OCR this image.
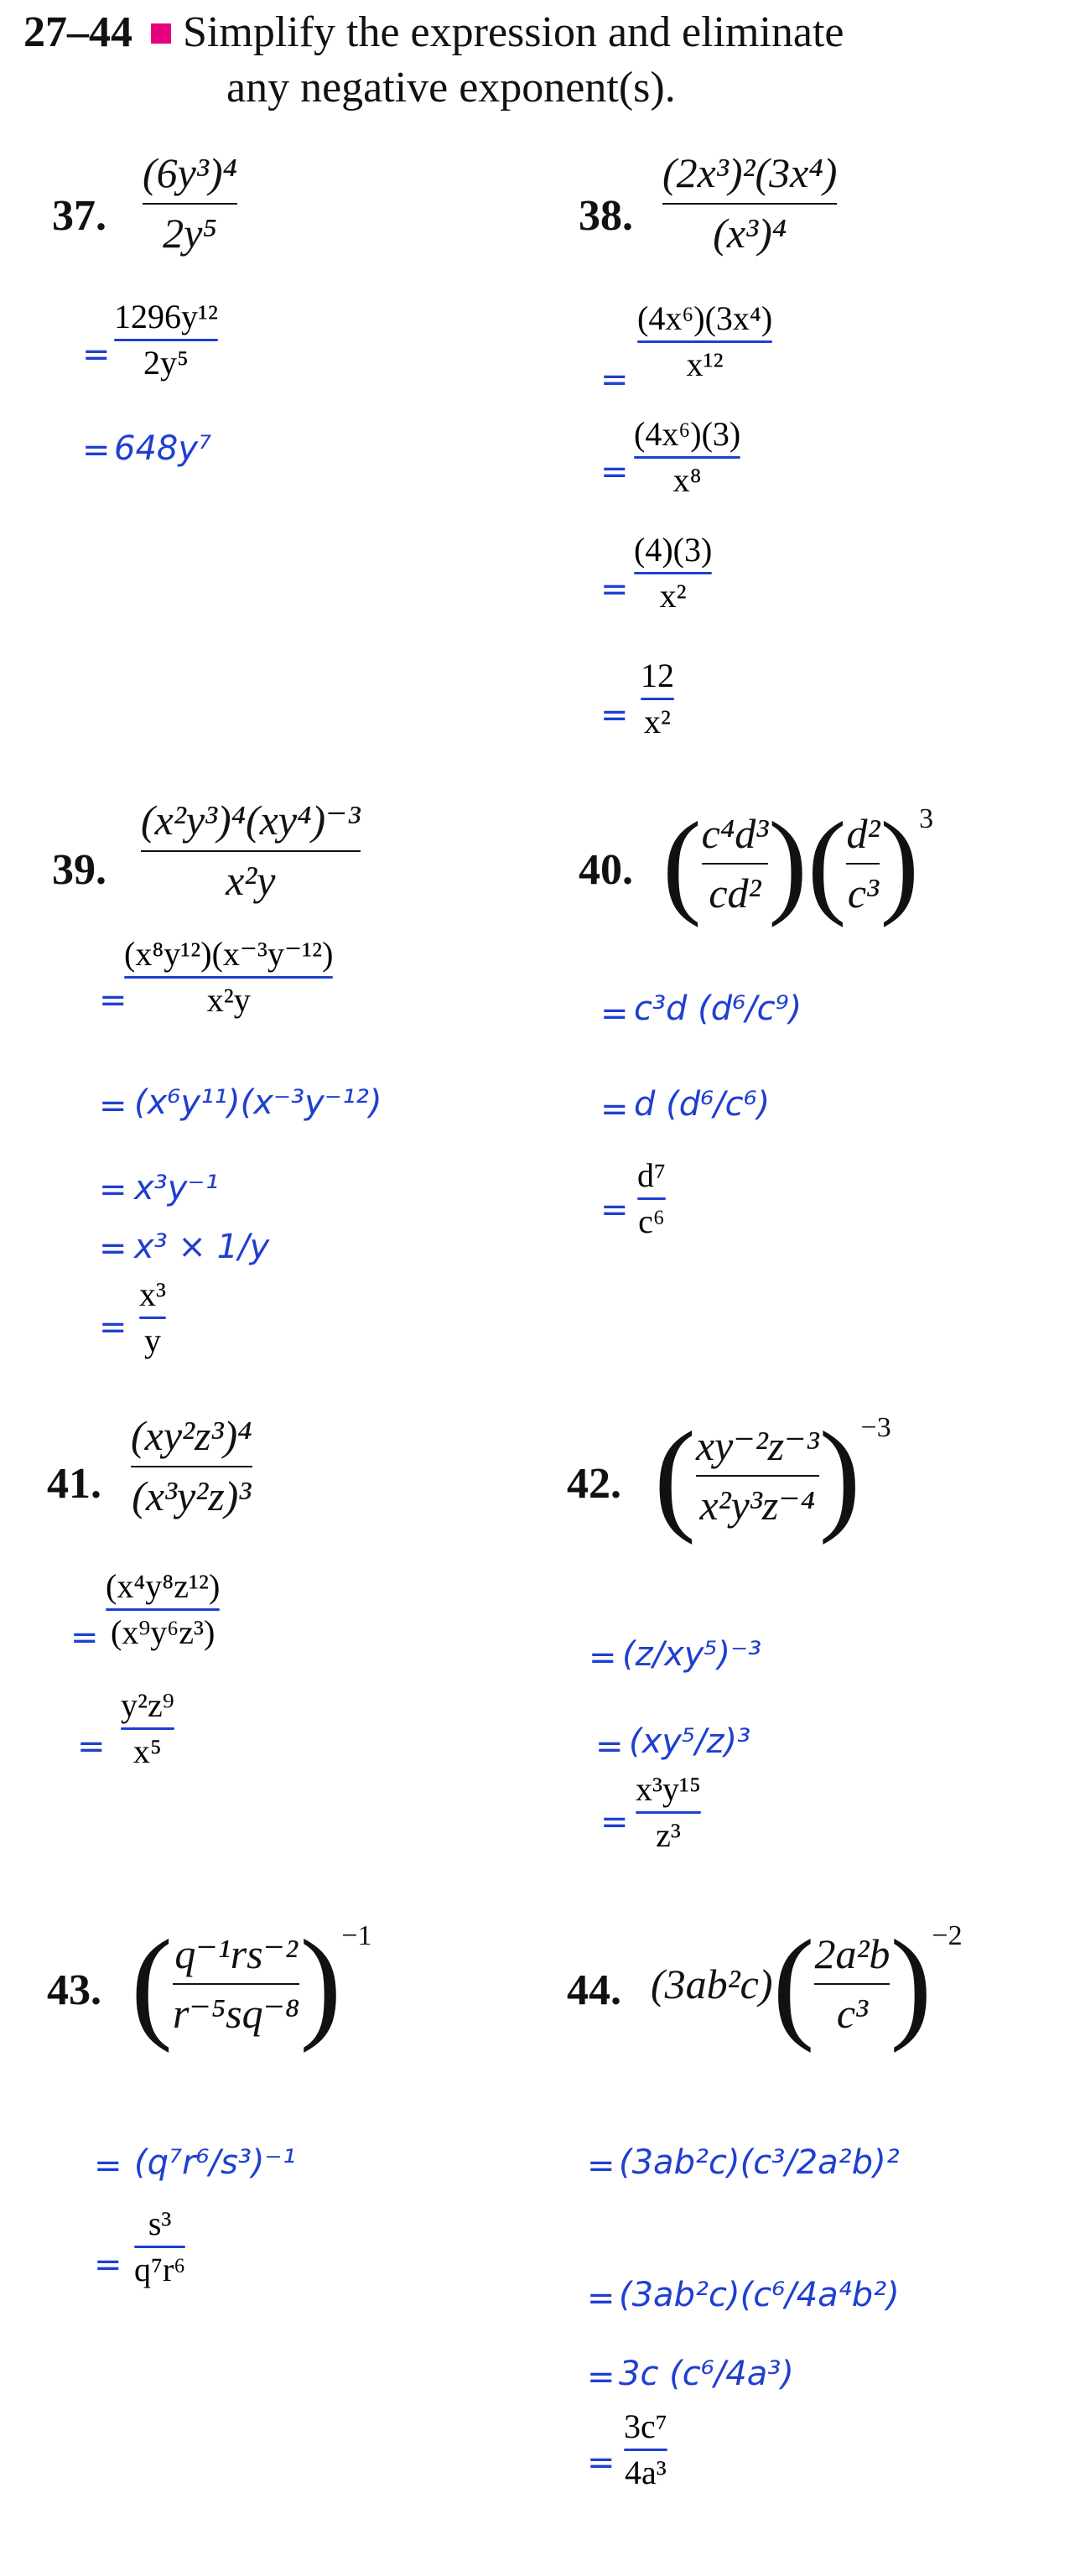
27–44 Simplify the expression and eliminate
any negative exponent(s).
37.
(6y³)⁴
2y⁵
=
1296y¹²
2y⁵
= 648y⁷
38.
(2x³)²(3x⁴)
(x³)⁴
=
(4x⁶)(3x⁴)
x¹²
=
(4x⁶)(3)
x⁸
=
(4)(3)
x²
=
12
x²
39.
(x²y³)⁴(xy⁴)⁻³
x²y
=
(x⁸y¹²)(x⁻³y⁻¹²)
x²y
= (x⁶y¹¹)(x⁻³y⁻¹²)
= x³y⁻¹
= x³ × 1/y
=
x³
y
40. ( $\frac{\text{c⁴d³}}{\text{cd²}}$ ) ( $\frac{\text{d²}}{\text{c³}}$ ) 3
= c³d (d⁶/c⁹)
= d (d⁶/c⁶)
=
d⁷
c⁶
41.
(xy²z³)⁴
(x³y²z)³
=
(x⁴y⁸z¹²)
(x⁹y⁶z³)
=
y²z⁹
x⁵
42. ( $\frac{\text{xy⁻²z⁻³}}{\text{x²y³z⁻⁴}}$ ) −3
= (z/xy⁵)⁻³
= (xy⁵/z)³
=
x³y¹⁵
z³
43. ( $\frac{\text{q⁻¹rs⁻²}}{\text{r⁻⁵sq⁻⁸}}$ ) −1
= (q⁷r⁶/s³)⁻¹
=
s³
q⁷r⁶
44. (3ab²c) ( $\frac{\text{2a²b}}{\text{c³}}$ ) −2
= (3ab²c)(c³/2a²b)²
= (3ab²c)(c⁶/4a⁴b²)
= 3c (c⁶/4a³)
=
3c⁷
4a³
